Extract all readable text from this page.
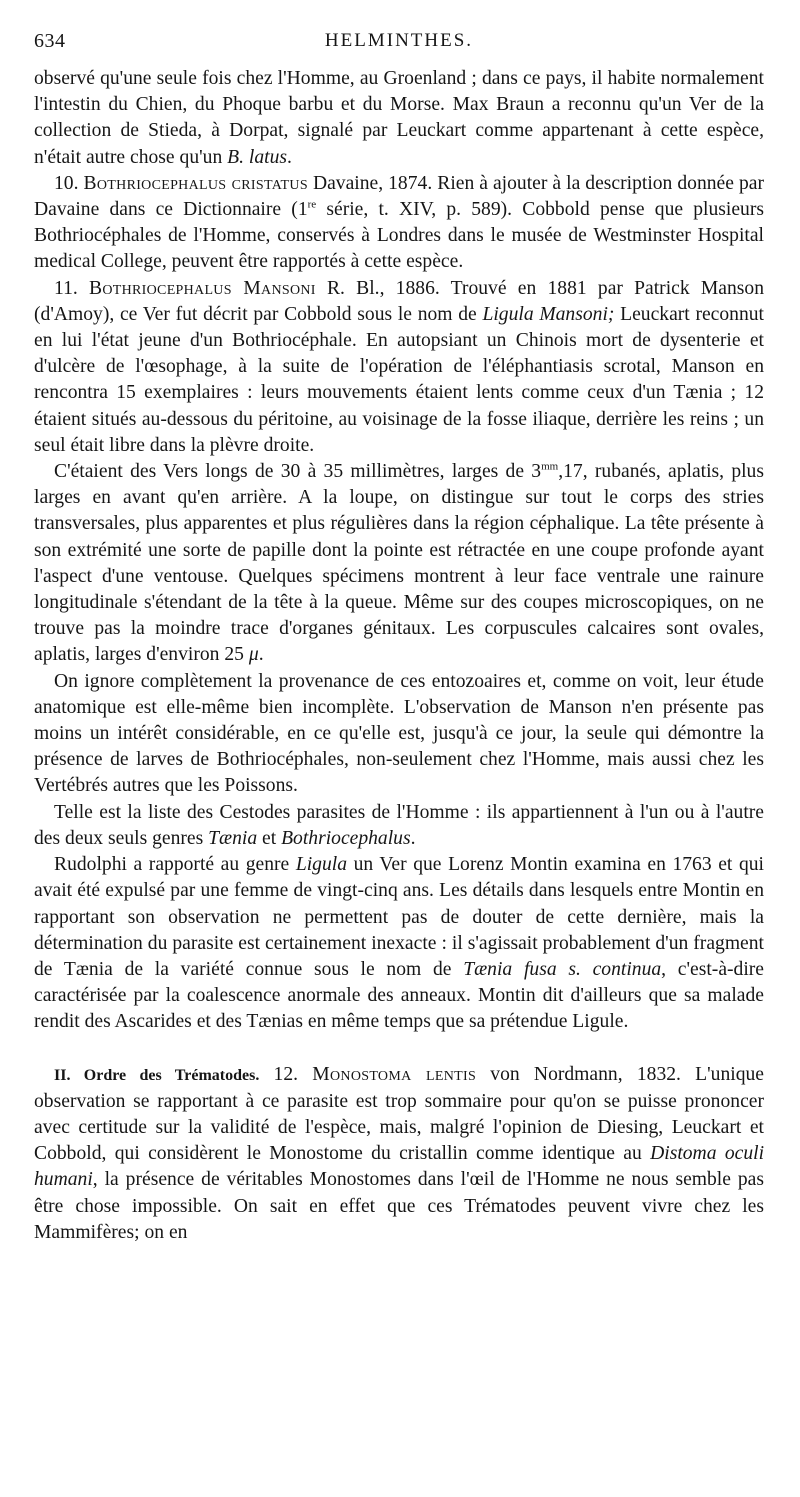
634	HELMINTHES.

observé qu'une seule fois chez l'Homme, au Groenland ; dans ce pays, il habite normalement l'intestin du Chien, du Phoque barbu et du Morse. Max Braun a reconnu qu'un Ver de la collection de Stieda, à Dorpat, signalé par Leuckart comme appartenant à cette espèce, n'était autre chose qu'un B. latus.

10. Bothriocephalus cristatus Davaine, 1874. Rien à ajouter à la description donnée par Davaine dans ce Dictionnaire (1re série, t. XIV, p. 589). Cobbold pense que plusieurs Bothriocéphales de l'Homme, conservés à Londres dans le musée de Westminster Hospital medical College, peuvent être rapportés à cette espèce.

11. Bothriocephalus Mansoni R. Bl., 1886. Trouvé en 1881 par Patrick Manson (d'Amoy), ce Ver fut décrit par Cobbold sous le nom de Ligula Mansoni; Leuckart reconnut en lui l'état jeune d'un Bothriocéphale. En autopsiant un Chinois mort de dysenterie et d'ulcère de l'œsophage, à la suite de l'opération de l'éléphantiasis scrotal, Manson en rencontra 15 exemplaires : leurs mouvements étaient lents comme ceux d'un Tænia ; 12 étaient situés au-dessous du péritoine, au voisinage de la fosse iliaque, derrière les reins ; un seul était libre dans la plèvre droite.

C'étaient des Vers longs de 30 à 35 millimètres, larges de $3^{mm},17$, rubanés, aplatis, plus larges en avant qu'en arrière. A la loupe, on distingue sur tout le corps des stries transversales, plus apparentes et plus régulières dans la région céphalique. La tête présente à son extrémité une sorte de papille dont la pointe est rétractée en une coupe profonde ayant l'aspect d'une ventouse. Quelques spécimens montrent à leur face ventrale une rainure longitudinale s'étendant de la tête à la queue. Même sur des coupes microscopiques, on ne trouve pas la moindre trace d'organes génitaux. Les corpuscules calcaires sont ovales, aplatis, larges d'environ 25 μ.

On ignore complètement la provenance de ces entozoaires et, comme on voit, leur étude anatomique est elle-même bien incomplète. L'observation de Manson n'en présente pas moins un intérêt considérable, en ce qu'elle est, jusqu'à ce jour, la seule qui démontre la présence de larves de Bothriocéphales, non-seulement chez l'Homme, mais aussi chez les Vertébrés autres que les Poissons.

Telle est la liste des Cestodes parasites de l'Homme : ils appartiennent à l'un ou à l'autre des deux seuls genres Tænia et Bothriocephalus.

Rudolphi a rapporté au genre Ligula un Ver que Lorenz Montin examina en 1763 et qui avait été expulsé par une femme de vingt-cinq ans. Les détails dans lesquels entre Montin en rapportant son observation ne permettent pas de douter de cette dernière, mais la détermination du parasite est certainement inexacte : il s'agissait probablement d'un fragment de Tænia de la variété connue sous le nom de Tænia fusa s. continua, c'est-à-dire caractérisée par la coalescence anormale des anneaux. Montin dit d'ailleurs que sa malade rendit des Ascarides et des Tænias en même temps que sa prétendue Ligule.

II. Ordre des Trématodes. 12. Monostoma lentis von Nordmann, 1832. L'unique observation se rapportant à ce parasite est trop sommaire pour qu'on se puisse prononcer avec certitude sur la validité de l'espèce, mais, malgré l'opinion de Diesing, Leuckart et Cobbold, qui considèrent le Monostome du cristallin comme identique au Distoma oculi humani, la présence de véritables Monostomes dans l'œil de l'Homme ne nous semble pas être chose impossible. On sait en effet que ces Trématodes peuvent vivre chez les Mammifères; on en
